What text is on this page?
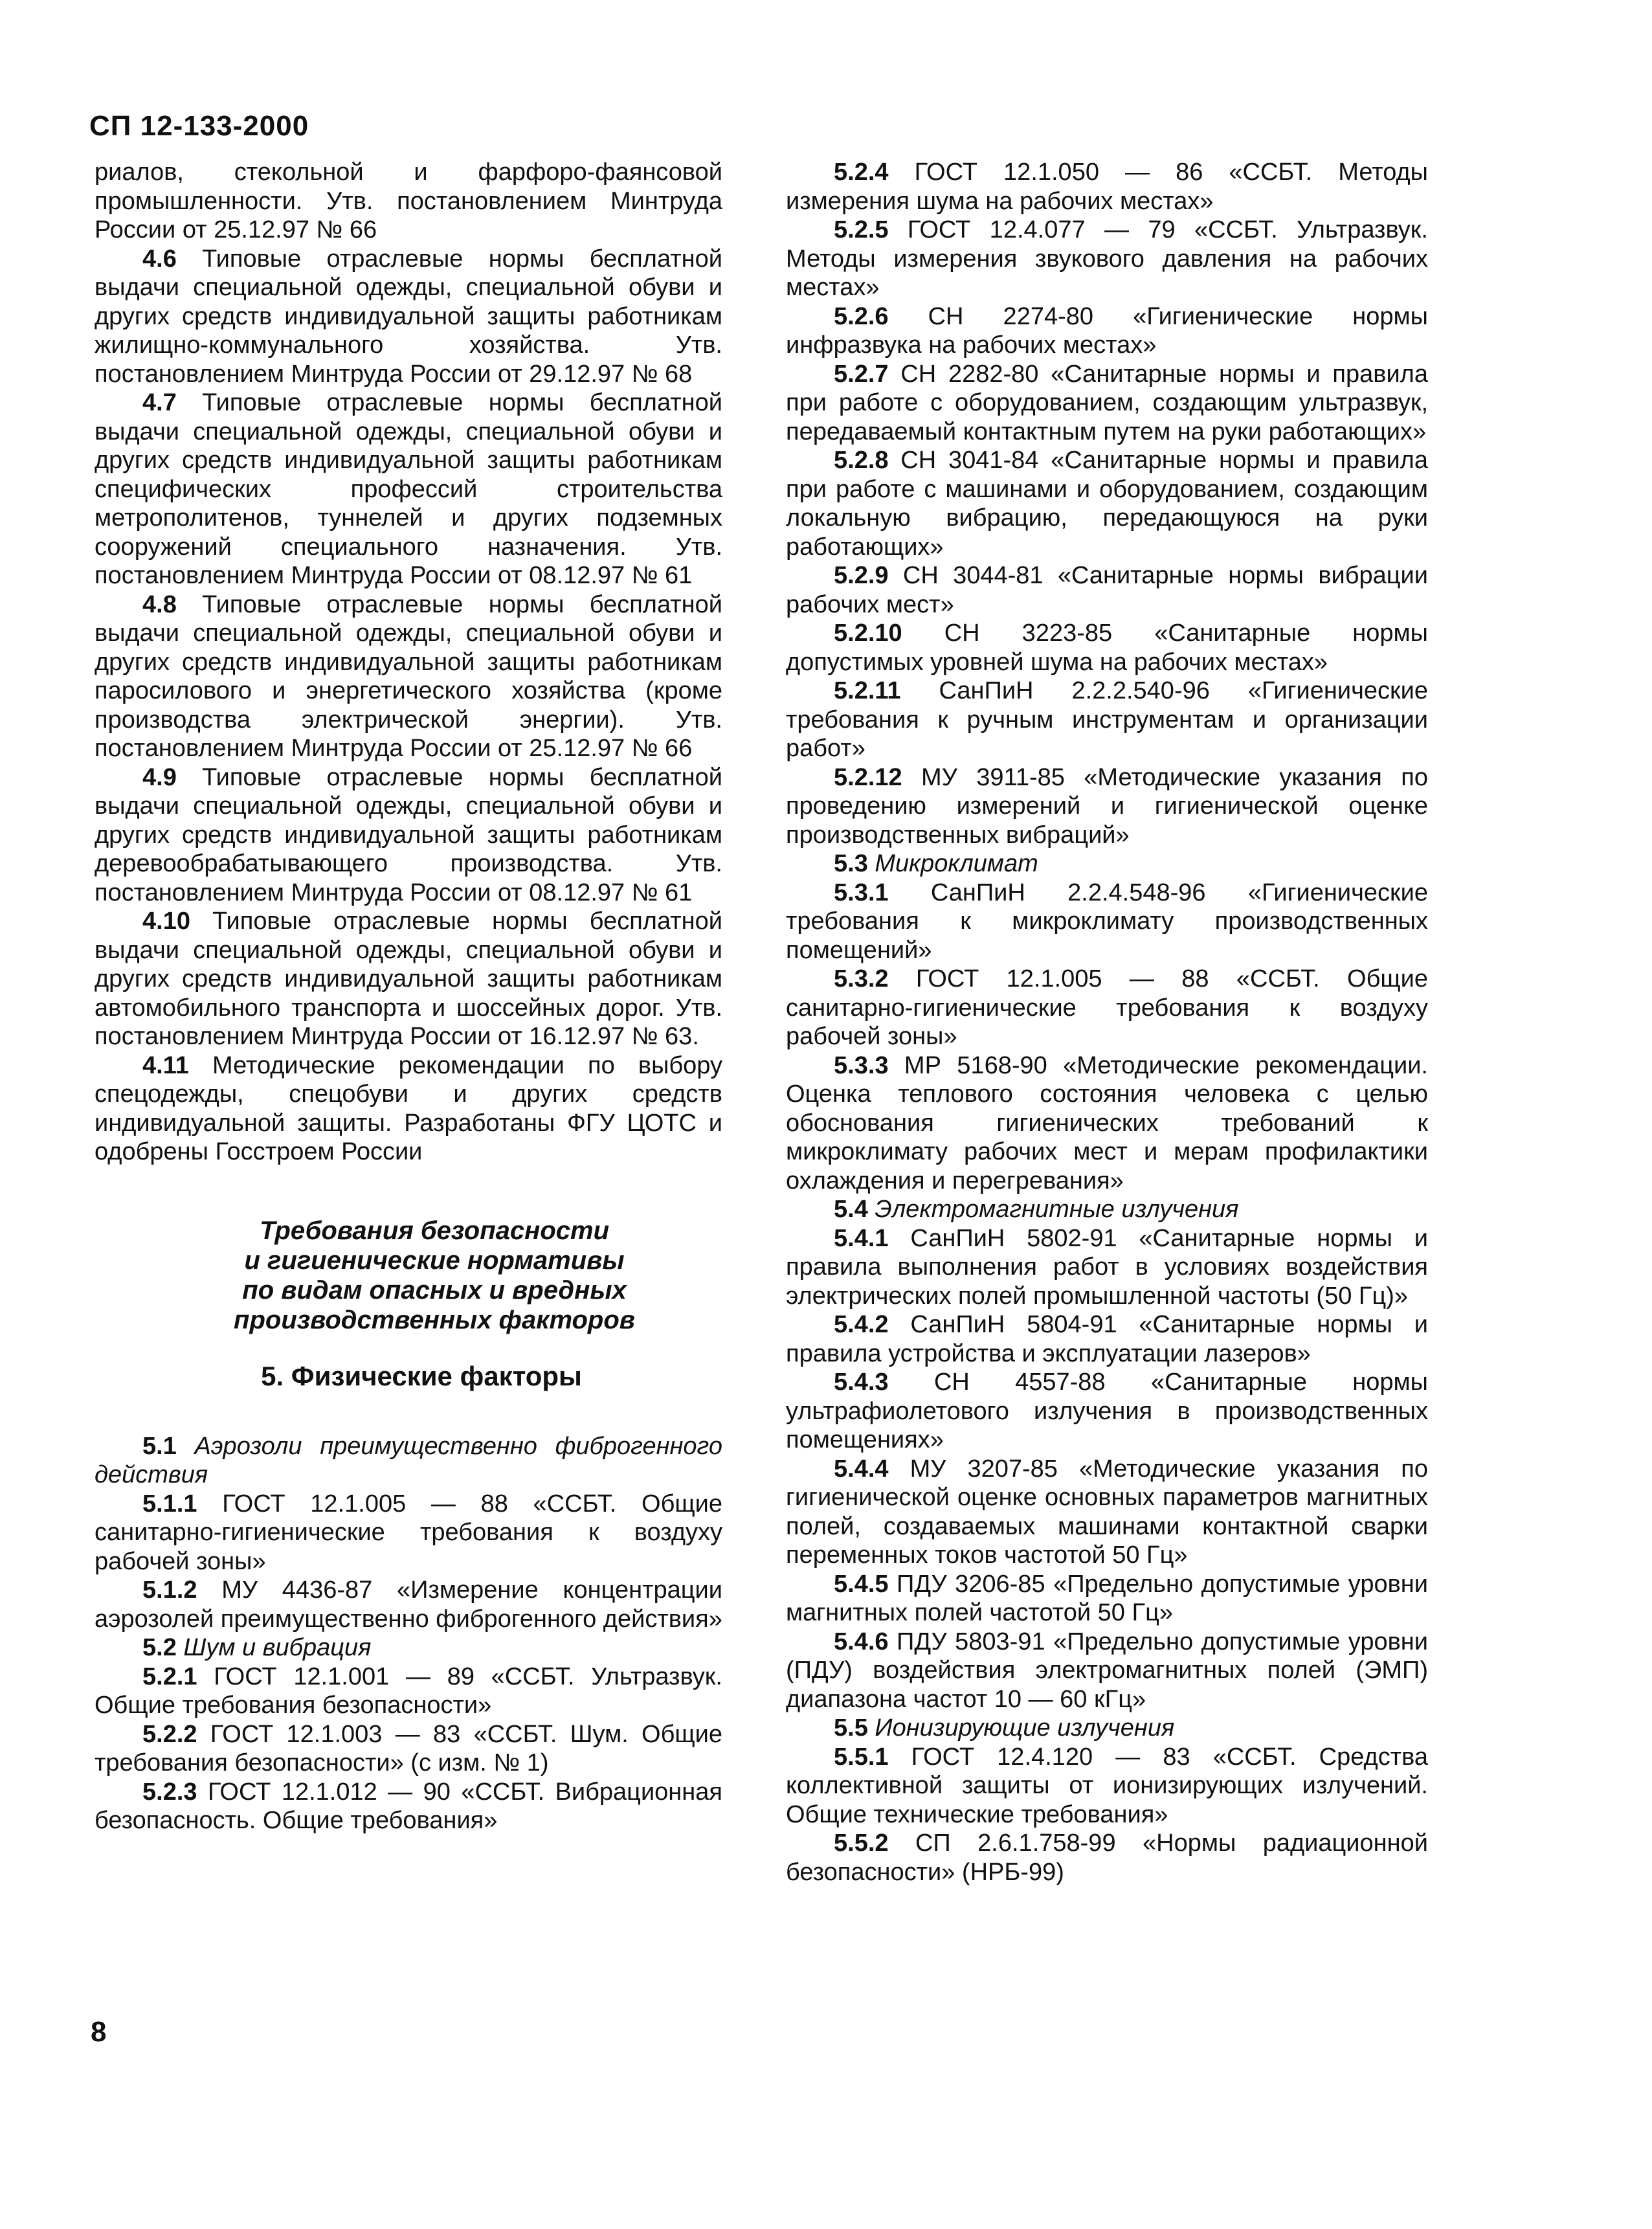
СП 12-133-2000

риалов, стекольной и фарфоро-фаянсовой промышленности. Утв. постановлением Минтруда России от 25.12.97 № 66

4.6 Типовые отраслевые нормы бесплатной выдачи специальной одежды, специальной обуви и других средств индивидуальной защиты работникам жилищно-коммунального хозяйства. Утв. постановлением Минтруда России от 29.12.97 № 68

4.7 Типовые отраслевые нормы бесплатной выдачи специальной одежды, специальной обуви и других средств индивидуальной защиты работникам специфических профессий строительства метрополитенов, туннелей и других подземных сооружений специального назначения. Утв. постановлением Минтруда России от 08.12.97 № 61

4.8 Типовые отраслевые нормы бесплатной выдачи специальной одежды, специальной обуви и других средств индивидуальной защиты работникам паросилового и энергетического хозяйства (кроме производства электрической энергии). Утв. постановлением Минтруда России от 25.12.97 № 66

4.9 Типовые отраслевые нормы бесплатной выдачи специальной одежды, специальной обуви и других средств индивидуальной защиты работникам деревообрабатывающего производства. Утв. постановлением Минтруда России от 08.12.97 № 61

4.10 Типовые отраслевые нормы бесплатной выдачи специальной одежды, специальной обуви и других средств индивидуальной защиты работникам автомобильного транспорта и шоссейных дорог. Утв. постановлением Минтруда России от 16.12.97 № 63.

4.11 Методические рекомендации по выбору спецодежды, спецобуви и других средств индивидуальной защиты. Разработаны ФГУ ЦОТС и одобрены Госстроем России

Требования безопасности
и гигиенические нормативы
по видам опасных и вредных
производственных факторов
5. Физические факторы

5.1 Аэрозоли преимущественно фиброгенного действия

5.1.1 ГОСТ 12.1.005 — 88 «ССБТ. Общие санитарно-гигиенические требования к воздуху рабочей зоны»

5.1.2 МУ 4436-87 «Измерение концентрации аэрозолей преимущественно фиброгенного действия»

5.2 Шум и вибрация

5.2.1 ГОСТ 12.1.001 — 89 «ССБТ. Ультразвук. Общие требования безопасности»

5.2.2 ГОСТ 12.1.003 — 83 «ССБТ. Шум. Общие требования безопасности» (с изм. № 1)

5.2.3 ГОСТ 12.1.012 — 90 «ССБТ. Вибрационная безопасность. Общие требования»

5.2.4 ГОСТ 12.1.050 — 86 «ССБТ. Методы измерения шума на рабочих местах»

5.2.5 ГОСТ 12.4.077 — 79 «ССБТ. Ультразвук. Методы измерения звукового давления на рабочих местах»

5.2.6 СН 2274-80 «Гигиенические нормы инфразвука на рабочих местах»

5.2.7 СН 2282-80 «Санитарные нормы и правила при работе с оборудованием, создающим ультразвук, передаваемый контактным путем на руки работающих»

5.2.8 СН 3041-84 «Санитарные нормы и правила при работе с машинами и оборудованием, создающим локальную вибрацию, передающуюся на руки работающих»

5.2.9 СН 3044-81 «Санитарные нормы вибрации рабочих мест»

5.2.10 СН 3223-85 «Санитарные нормы допустимых уровней шума на рабочих местах»

5.2.11 СанПиН 2.2.2.540-96 «Гигиенические требования к ручным инструментам и организации работ»

5.2.12 МУ 3911-85 «Методические указания по проведению измерений и гигиенической оценке производственных вибраций»

5.3 Микроклимат

5.3.1 СанПиН 2.2.4.548-96 «Гигиенические требования к микроклимату производственных помещений»

5.3.2 ГОСТ 12.1.005 — 88 «ССБТ. Общие санитарно-гигиенические требования к воздуху рабочей зоны»

5.3.3 МР 5168-90 «Методические рекомендации. Оценка теплового состояния человека с целью обоснования гигиенических требований к микроклимату рабочих мест и мерам профилактики охлаждения и перегревания»

5.4 Электромагнитные излучения

5.4.1 СанПиН 5802-91 «Санитарные нормы и правила выполнения работ в условиях воздействия электрических полей промышленной частоты (50 Гц)»

5.4.2 СанПиН 5804-91 «Санитарные нормы и правила устройства и эксплуатации лазеров»

5.4.3 СН 4557-88 «Санитарные нормы ультрафиолетового излучения в производственных помещениях»

5.4.4 МУ 3207-85 «Методические указания по гигиенической оценке основных параметров магнитных полей, создаваемых машинами контактной сварки переменных токов частотой 50 Гц»

5.4.5 ПДУ 3206-85 «Предельно допустимые уровни магнитных полей частотой 50 Гц»

5.4.6 ПДУ 5803-91 «Предельно допустимые уровни (ПДУ) воздействия электромагнитных полей (ЭМП) диапазона частот 10 — 60 кГц»

5.5 Ионизирующие излучения

5.5.1 ГОСТ 12.4.120 — 83 «ССБТ. Средства коллективной защиты от ионизирующих излучений. Общие технические требования»

5.5.2 СП 2.6.1.758-99 «Нормы радиационной безопасности» (НРБ-99)

8
